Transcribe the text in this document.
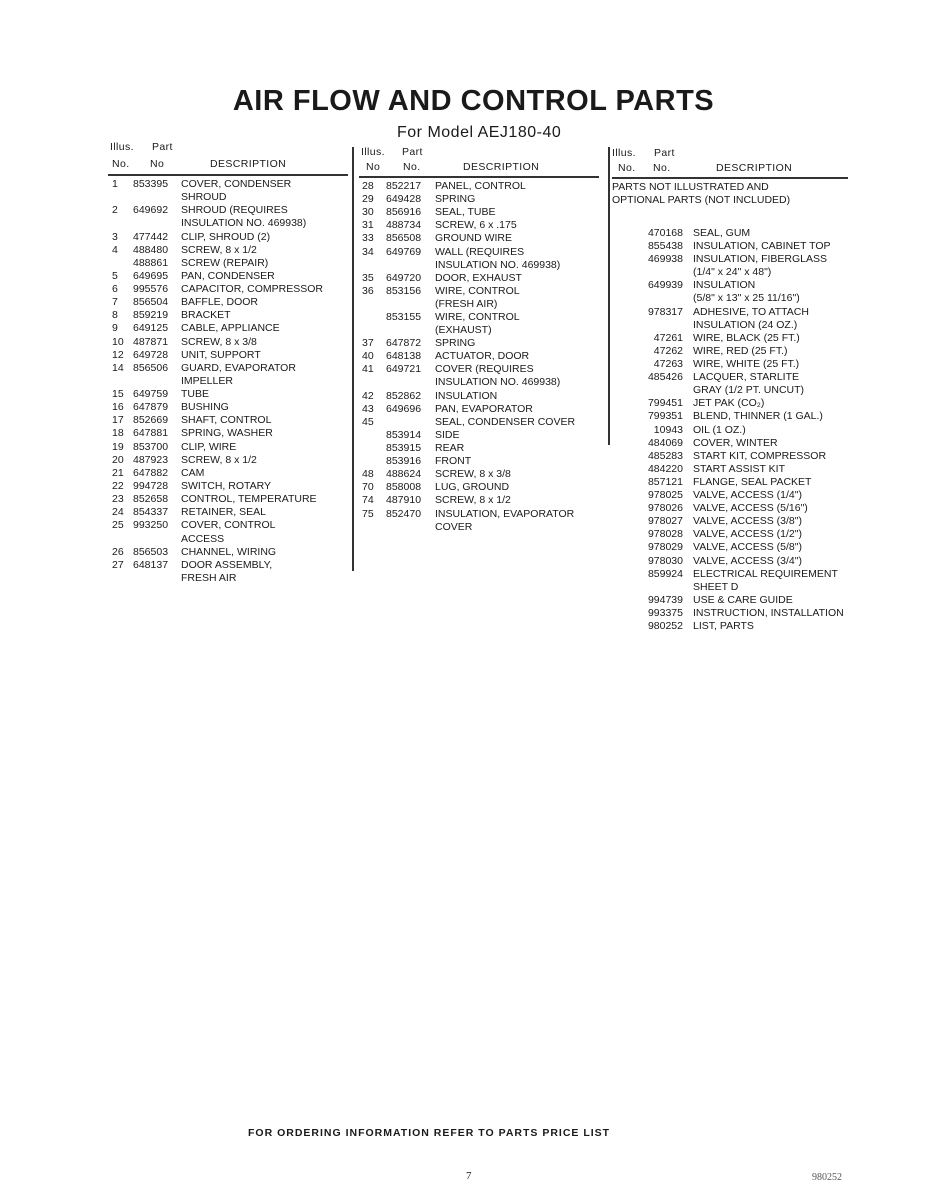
AIR FLOW AND CONTROL PARTS
For Model AEJ180-40
Illus. Part
No. No	DESCRIPTION
Illus. Part
No No.	DESCRIPTION
Illus. Part
No. No.	DESCRIPTION
1 853395 COVER, CONDENSER
SHROUD
2 649692 SHROUD (REQUIRES
INSULATION NO. 469938)
3 477442 CLIP, SHROUD (2)
4 488480 SCREW, 8 x 1/2
488861 SCREW (REPAIR)
5 649695 PAN, CONDENSER
6 995576 CAPACITOR, COMPRESSOR
7 856504 BAFFLE, DOOR
8 859219 BRACKET
9 649125 CABLE, APPLIANCE
10 487871 SCREW, 8 x 3/8
12 649728 UNIT, SUPPORT
14 856506 GUARD, EVAPORATOR
IMPELLER
15 649759 TUBE
16 647879 BUSHING
17 852669 SHAFT, CONTROL
18 647881 SPRING, WASHER
19 853700 CLIP, WIRE
20 487923 SCREW, 8 x 1/2
21 647882 CAM
22 994728 SWITCH, ROTARY
23 852658 CONTROL, TEMPERATURE
24 854337 RETAINER, SEAL
25 993250 COVER, CONTROL
ACCESS
26 856503 CHANNEL, WIRING
27 648137 DOOR ASSEMBLY,
FRESH AIR
28 852217 PANEL, CONTROL
29 649428 SPRING
30 856916 SEAL, TUBE
31 488734 SCREW, 6 x .175
33 856508 GROUND WIRE
34 649769 WALL (REQUIRES
INSULATION NO. 469938)
35 649720 DOOR, EXHAUST
36 853156 WIRE, CONTROL
(FRESH AIR)
853155 WIRE, CONTROL
(EXHAUST)
37 647872 SPRING
40 648138 ACTUATOR, DOOR
41 649721 COVER (REQUIRES
INSULATION NO. 469938)
42 852862 INSULATION
43 649696 PAN, EVAPORATOR
45	SEAL, CONDENSER COVER
853914 SIDE
853915 REAR
853916 FRONT
48 488624 SCREW, 8 x 3/8
70 858008 LUG, GROUND
74 487910 SCREW, 8 x 1/2
75 852470 INSULATION, EVAPORATOR
COVER
PARTS NOT ILLUSTRATED AND
OPTIONAL PARTS (NOT INCLUDED)
470168 SEAL, GUM
855438 INSULATION, CABINET TOP
469938 INSULATION, FIBERGLASS
(1/4" x 24" x 48")
649939 INSULATION
(5/8" x 13" x 25 11/16")
978317 ADHESIVE, TO ATTACH
INSULATION (24 OZ.)
47261 WIRE, BLACK (25 FT.)
47262 WIRE, RED (25 FT.)
47263 WIRE, WHITE (25 FT.)
485426 LACQUER, STARLITE
GRAY (1/2 PT. UNCUT)
799451 JET PAK (CO₂)
799351 BLEND, THINNER (1 GAL.)
10943 OIL (1 OZ.)
484069 COVER, WINTER
485283 START KIT, COMPRESSOR
484220 START ASSIST KIT
857121 FLANGE, SEAL PACKET
978025 VALVE, ACCESS (1/4")
978026 VALVE, ACCESS (5/16")
978027 VALVE, ACCESS (3/8")
978028 VALVE, ACCESS (1/2")
978029 VALVE, ACCESS (5/8")
978030 VALVE, ACCESS (3/4")
859924 ELECTRICAL REQUIREMENT
SHEET D
994739 USE & CARE GUIDE
993375 INSTRUCTION, INSTALLATION
980252 LIST, PARTS
FOR ORDERING INFORMATION REFER TO PARTS PRICE LIST
7	980252
